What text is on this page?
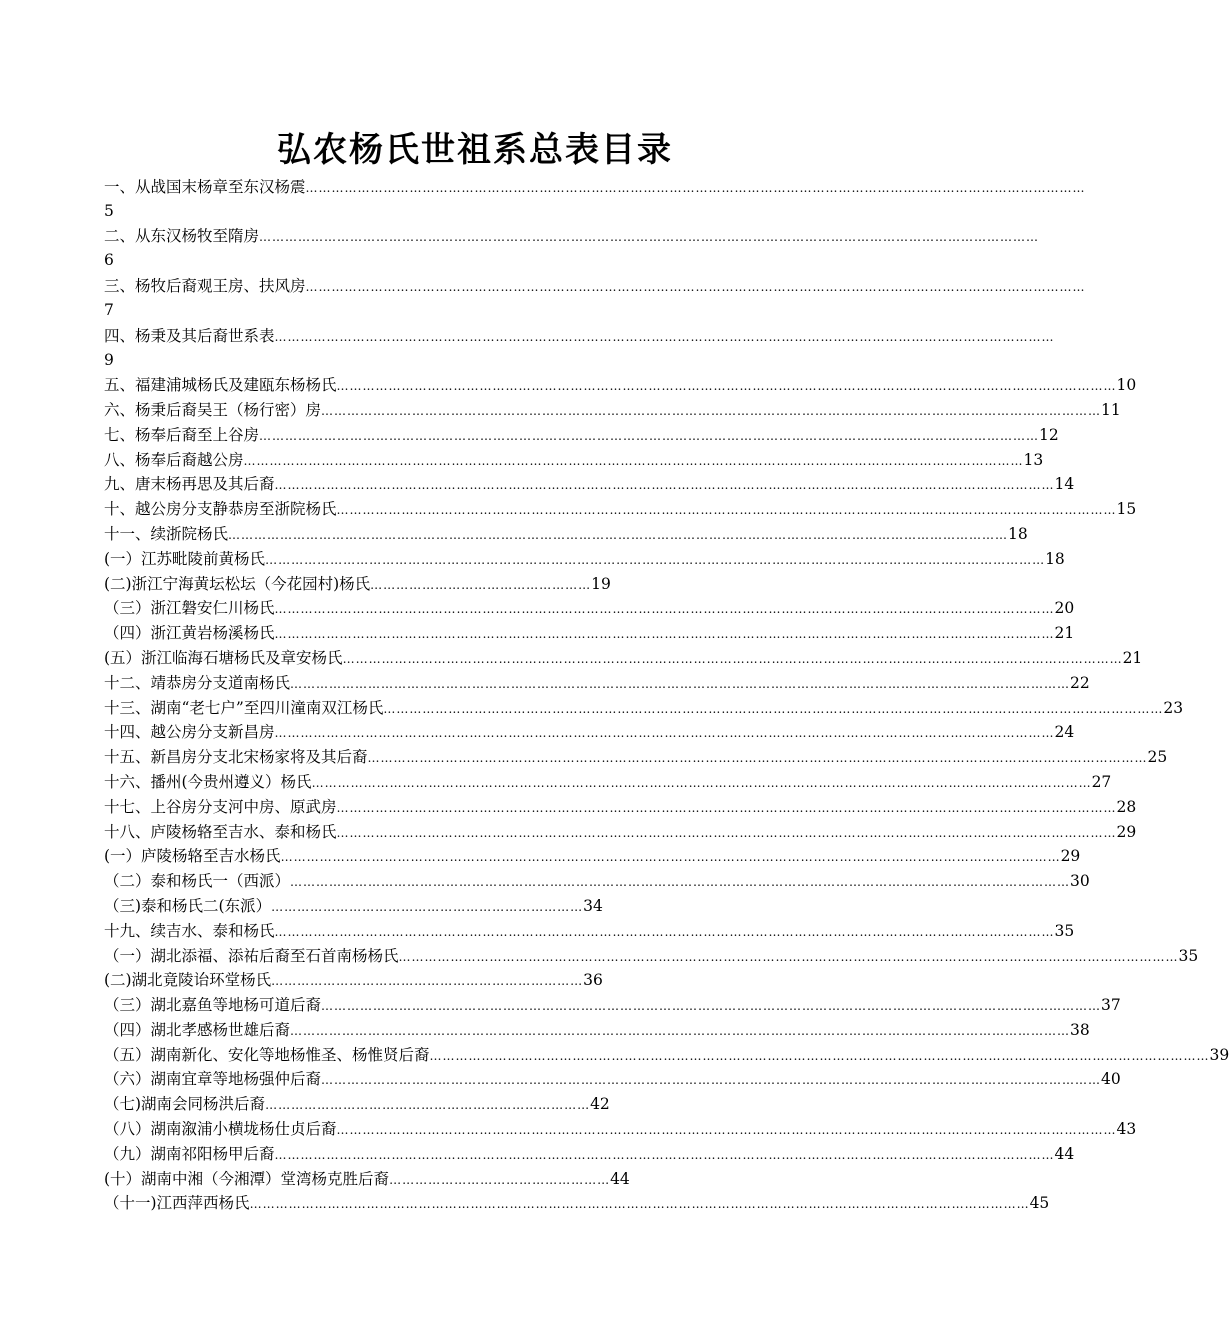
弘农杨氏世祖系总表目录
一、从战国末杨章至东汉杨震 ………………………………………………………………………………………………………………………………………………………………
5
二、从东汉杨牧至隋房 ………………………………………………………………………………………………………………………………………………………………
6
三、杨牧后裔观王房、扶风房 ………………………………………………………………………………………………………………………………………………………………
7
四、杨秉及其后裔世系表 ………………………………………………………………………………………………………………………………………………………………
9
五、福建浦城杨氏及建瓯东杨杨氏 ……………………………………………………………………………………………………………………………………………………………… 10
六、杨秉后裔吴王（杨行密）房 ……………………………………………………………………………………………………………………………………………………………… 11
七、杨奉后裔至上谷房 ……………………………………………………………………………………………………………………………………………………………… 12
八、杨奉后裔越公房 ……………………………………………………………………………………………………………………………………………………………… 13
九、唐末杨再思及其后裔 ……………………………………………………………………………………………………………………………………………………………… 14
十、越公房分支静恭房至浙院杨氏 ……………………………………………………………………………………………………………………………………………………………… 15
十一、续浙院杨氏 ……………………………………………………………………………………………………………………………………………………………… 18
(一）江苏毗陵前黄杨氏 ……………………………………………………………………………………………………………………………………………………………… 18
(二)浙江宁海黄坛松坛（今花园村)杨氏 …………………………………………… 19
（三）浙江磐安仁川杨氏 ……………………………………………………………………………………………………………………………………………………………… 20
（四）浙江黄岩杨溪杨氏 ……………………………………………………………………………………………………………………………………………………………… 21
(五）浙江临海石塘杨氏及章安杨氏 ……………………………………………………………………………………………………………………………………………………………… 21
十二、靖恭房分支道南杨氏 ……………………………………………………………………………………………………………………………………………………………… 22
十三、湖南“老七户”至四川潼南双江杨氏 ……………………………………………………………………………………………………………………………………………………………… 23
十四、越公房分支新昌房 ……………………………………………………………………………………………………………………………………………………………… 24
十五、新昌房分支北宋杨家将及其后裔 ……………………………………………………………………………………………………………………………………………………………… 25
十六、播州(今贵州遵义）杨氏 ……………………………………………………………………………………………………………………………………………………………… 27
十七、上谷房分支河中房、原武房 ……………………………………………………………………………………………………………………………………………………………… 28
十八、庐陵杨辂至吉水、泰和杨氏 ……………………………………………………………………………………………………………………………………………………………… 29
(一）庐陵杨辂至吉水杨氏 ……………………………………………………………………………………………………………………………………………………………… 29
（二）泰和杨氏一（西派） ……………………………………………………………………………………………………………………………………………………………… 30
（三)泰和杨氏二(东派） ……………………………………………………………… 34
十九、续吉水、泰和杨氏 ……………………………………………………………………………………………………………………………………………………………… 35
（一）湖北添福、添祐后裔至石首南杨杨氏 ……………………………………………………………………………………………………………………………………………………………… 35
(二)湖北竟陵诒环堂杨氏 ……………………………………………………………… 36
（三）湖北嘉鱼等地杨可道后裔 ……………………………………………………………………………………………………………………………………………………………… 37
（四）湖北孝感杨世雄后裔 ……………………………………………………………………………………………………………………………………………………………… 38
（五）湖南新化、安化等地杨惟圣、杨惟贤后裔 ……………………………………………………………………………………………………………………………………………………………… 39
（六）湖南宜章等地杨强仲后裔 ……………………………………………………………………………………………………………………………………………………………… 40
（七)湖南会同杨洪后裔 ………………………………………………………………… 42
（八）湖南溆浦小横垅杨仕贞后裔 ……………………………………………………………………………………………………………………………………………………………… 43
（九）湖南祁阳杨甲后裔 ……………………………………………………………………………………………………………………………………………………………… 44
(十）湖南中湘（今湘潭）堂湾杨克胜后裔 …………………………………………… 44
（十一)江西萍西杨氏 ……………………………………………………………………………………………………………………………………………………………… 45
